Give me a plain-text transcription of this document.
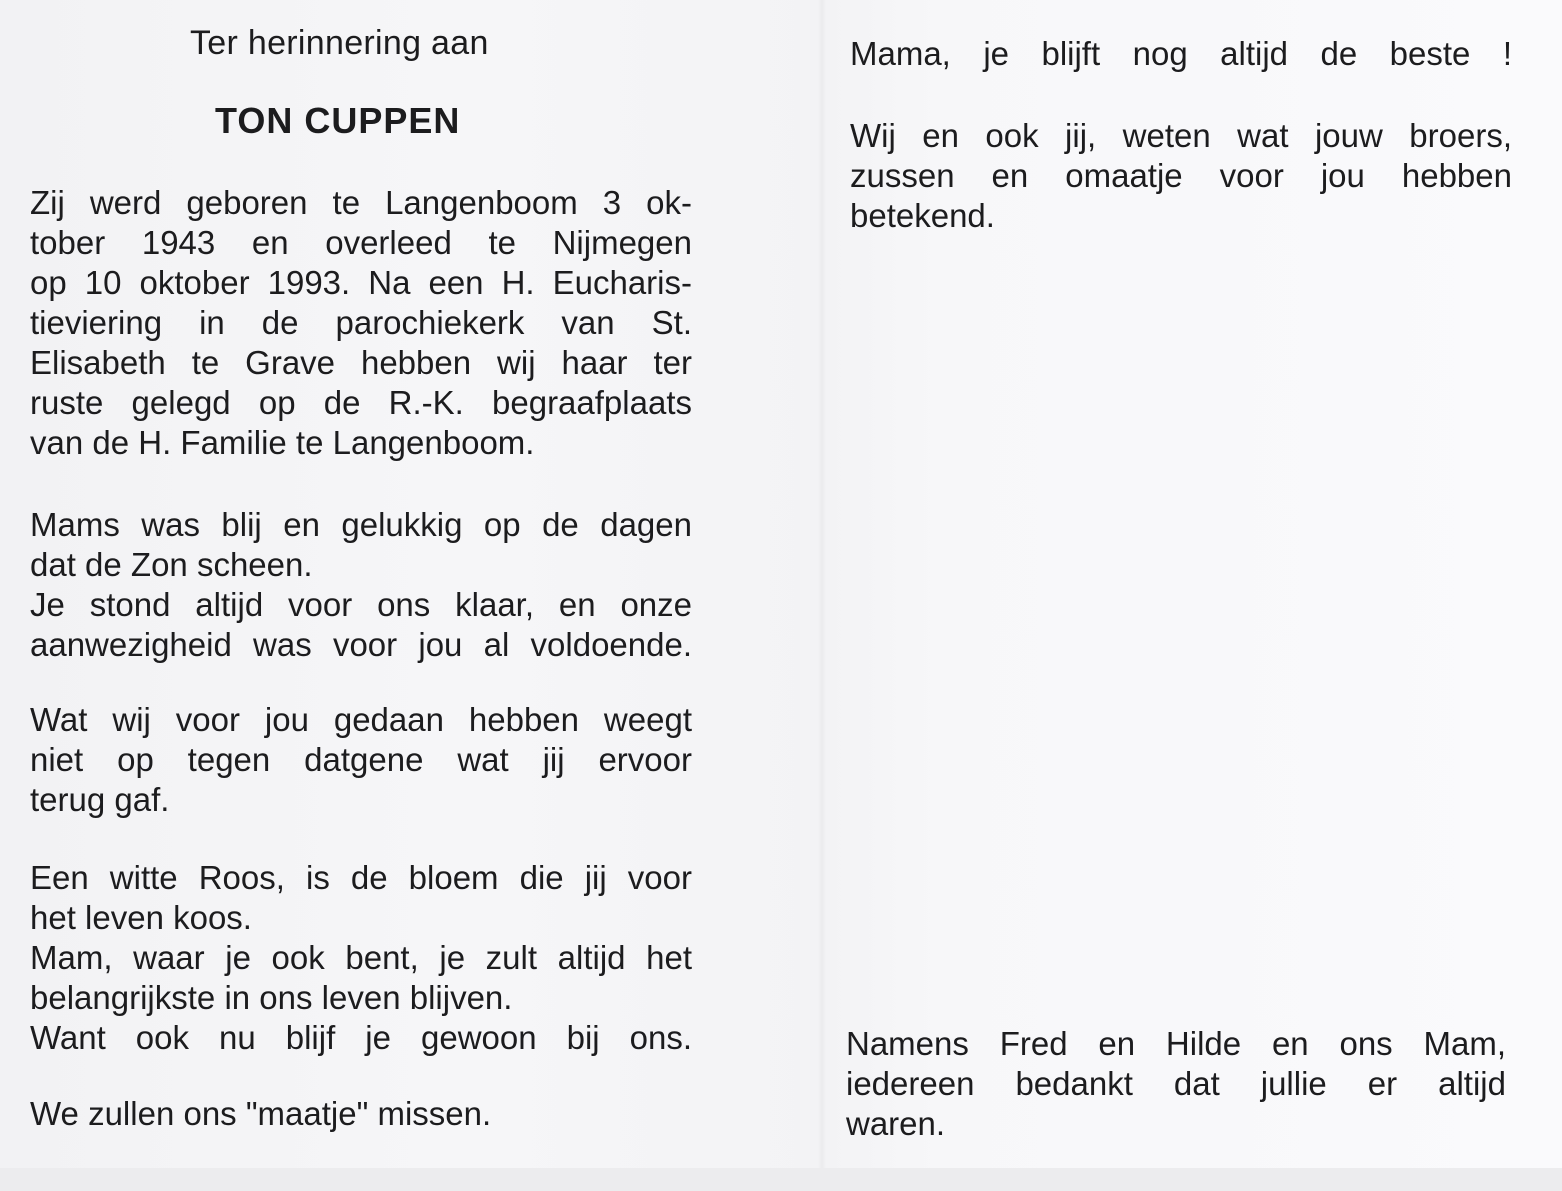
Ter herinnering aan
TON CUPPEN
Zij werd geboren te Langenboom 3 ok-
tober 1943 en overleed te Nijmegen
op 10 oktober 1993. Na een H. Eucharis-
tieviering in de parochiekerk van St.
Elisabeth te Grave hebben wij haar ter
ruste gelegd op de R.-K. begraafplaats
van de H. Familie te Langenboom.
Mams was blij en gelukkig op de dagen
dat de Zon scheen.
Je stond altijd voor ons klaar, en onze
aanwezigheid was voor jou al voldoende.
Wat wij voor jou gedaan hebben weegt
niet op tegen datgene wat jij ervoor
terug gaf.
Een witte Roos, is de bloem die jij voor
het leven koos.
Mam, waar je ook bent, je zult altijd het
belangrijkste in ons leven blijven.
Want ook nu blijf je gewoon bij ons.
We zullen ons "maatje" missen.
Mama, je blijft nog altijd de beste !
Wij en ook jij, weten wat jouw broers,
zussen en omaatje voor jou hebben
betekend.
Namens Fred en Hilde en ons Mam,
iedereen bedankt dat jullie er altijd
waren.
